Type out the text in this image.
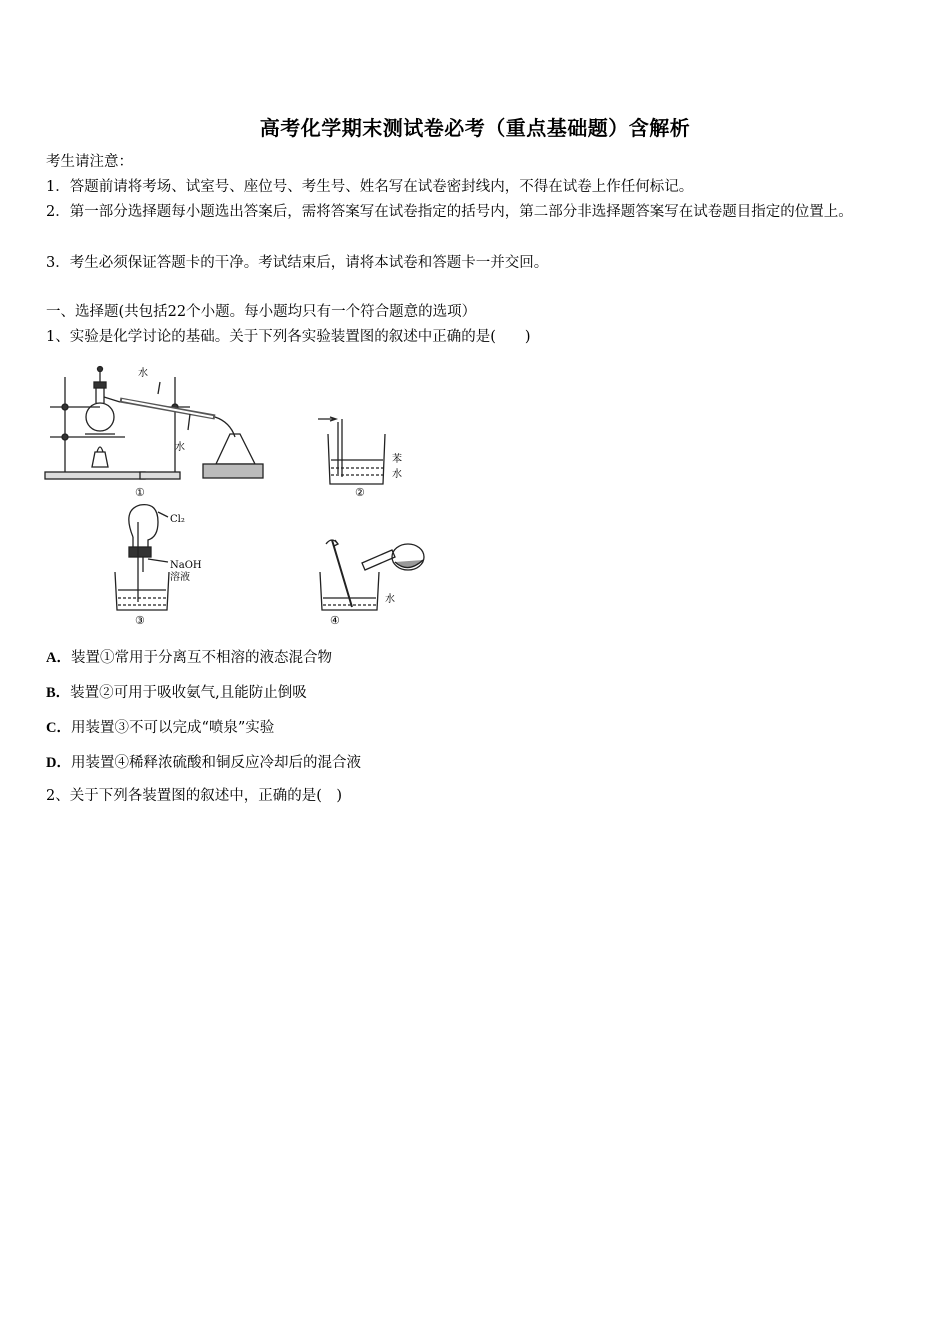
高考化学期末测试卷必考（重点基础题）含解析
考生请注意：
1．答题前请将考场、试室号、座位号、考生号、姓名写在试卷密封线内，不得在试卷上作任何标记。
2．第一部分选择题每小题选出答案后，需将答案写在试卷指定的括号内，第二部分非选择题答案写在试卷题目指定的位置上。
3．考生必须保证答题卡的干净。考试结束后，请将本试卷和答题卡一并交回。
一、选择题(共包括22个小题。每小题均只有一个符合题意的选项）
1、实验是化学讨论的基础。关于下列各实验装置图的叙述中正确的是(　　)
水
水
①
苯
水
②
Cl₂
NaOH
溶液
③
水
④
A．装置①常用于分离互不相溶的液态混合物
B．装置②可用于吸收氨气,且能防止倒吸
C．用装置③不可以完成“喷泉”实验
D．用装置④稀释浓硫酸和铜反应冷却后的混合液
2、关于下列各装置图的叙述中，正确的是(　)
